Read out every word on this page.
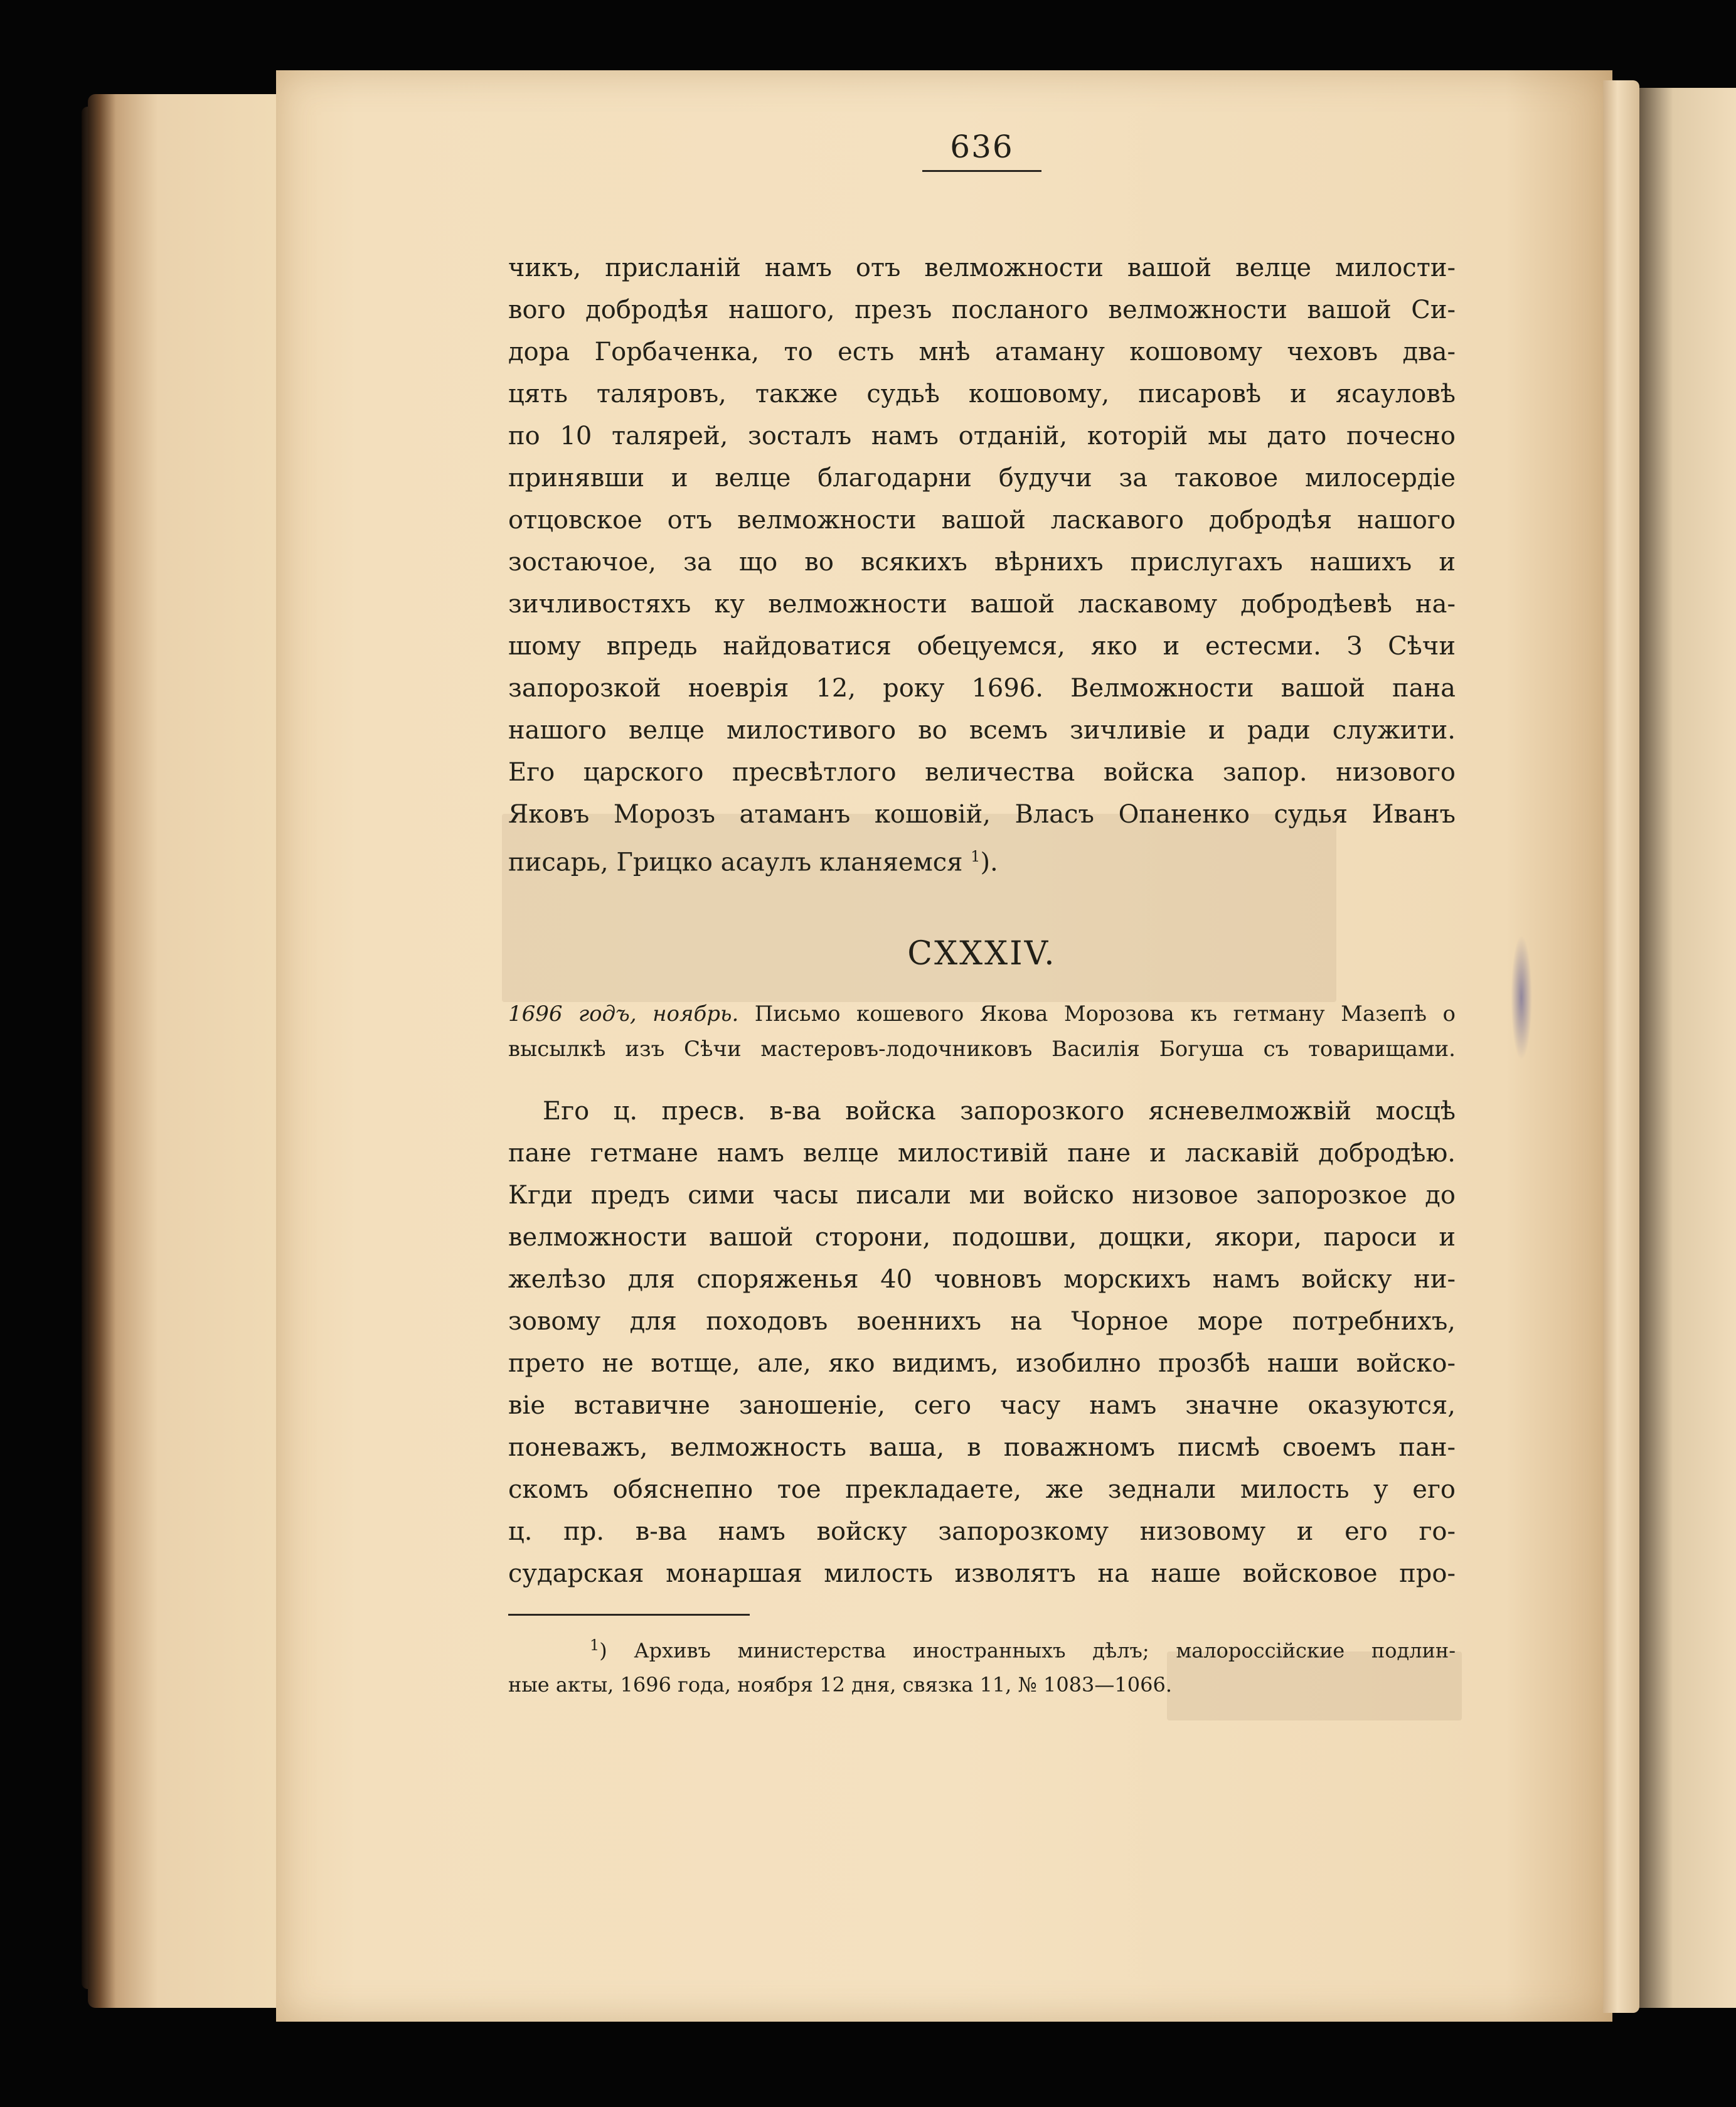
636
чикъ, присланій намъ отъ велможности вашой велце милости-
вого добродѣя нашого, презъ посланого велможности вашой Си-
дора Горбаченка, то есть мнѣ атаману кошовому чеховъ два-
цять таляровъ, также судьѣ кошовому, писаровѣ и ясауловѣ
по 10 талярей, зосталъ намъ отданій, которій мы дато почесно
принявши и велце благодарни будучи за таковое милосердіе
отцовское отъ велможности вашой ласкавого добродѣя нашого
зостаючое, за що во всякихъ вѣрнихъ прислугахъ нашихъ и
зичливостяхъ ку велможности вашой ласкавому добродѣевѣ на-
шому впредь найдоватися обецуемся, яко и естесми. З Сѣчи
запорозкой ноеврія 12, року 1696. Велможности вашой пана
нашого велце милостивого во всемъ зичливіе и ради служити.
Его царского пресвѣтлого величества войска запор. низового
Яковъ Морозъ атаманъ кошовій, Власъ Опаненко судья Иванъ
писарь, Грицко асаулъ кланяемся $^1$).
CXXXIV.
1696 годъ, ноябрь. Письмо кошевого Якова Морозова къ гетману Мазепѣ о
высылкѣ изъ Сѣчи мастеровъ-лодочниковъ Василія Богуша съ товарищами.
Его ц. пресв. в-ва войска запорозкого ясневелможвій мосцѣ
пане гетмане намъ велце милостивій пане и ласкавій добродѣю.
Кгди предъ сими часы писали ми войско низовое запорозкое до
велможности вашой сторони, подошви, дощки, якори, пароси и
желѣзо для споряженья 40 човновъ морскихъ намъ войску ни-
зовому для походовъ военнихъ на Чорное море потребнихъ,
прето не вотще, але, яко видимъ, изобилно прозбѣ наши войско-
віе вставичне заношеніе, сего часу намъ значне оказуются,
поневажъ, велможность ваша, в поважномъ писмѣ своемъ пан-
скомъ обяснепно тое прекладаете, же зеднали милость у его
ц. пр. в-ва намъ войску запорозкому низовому и его го-
сударская монаршая милость изволятъ на наше войсковое про-
$^1$) Архивъ министерства иностранныхъ дѣлъ; малороссійские подлин-
ные акты, 1696 года, ноября 12 дня, связка 11, № 1083—1066.
